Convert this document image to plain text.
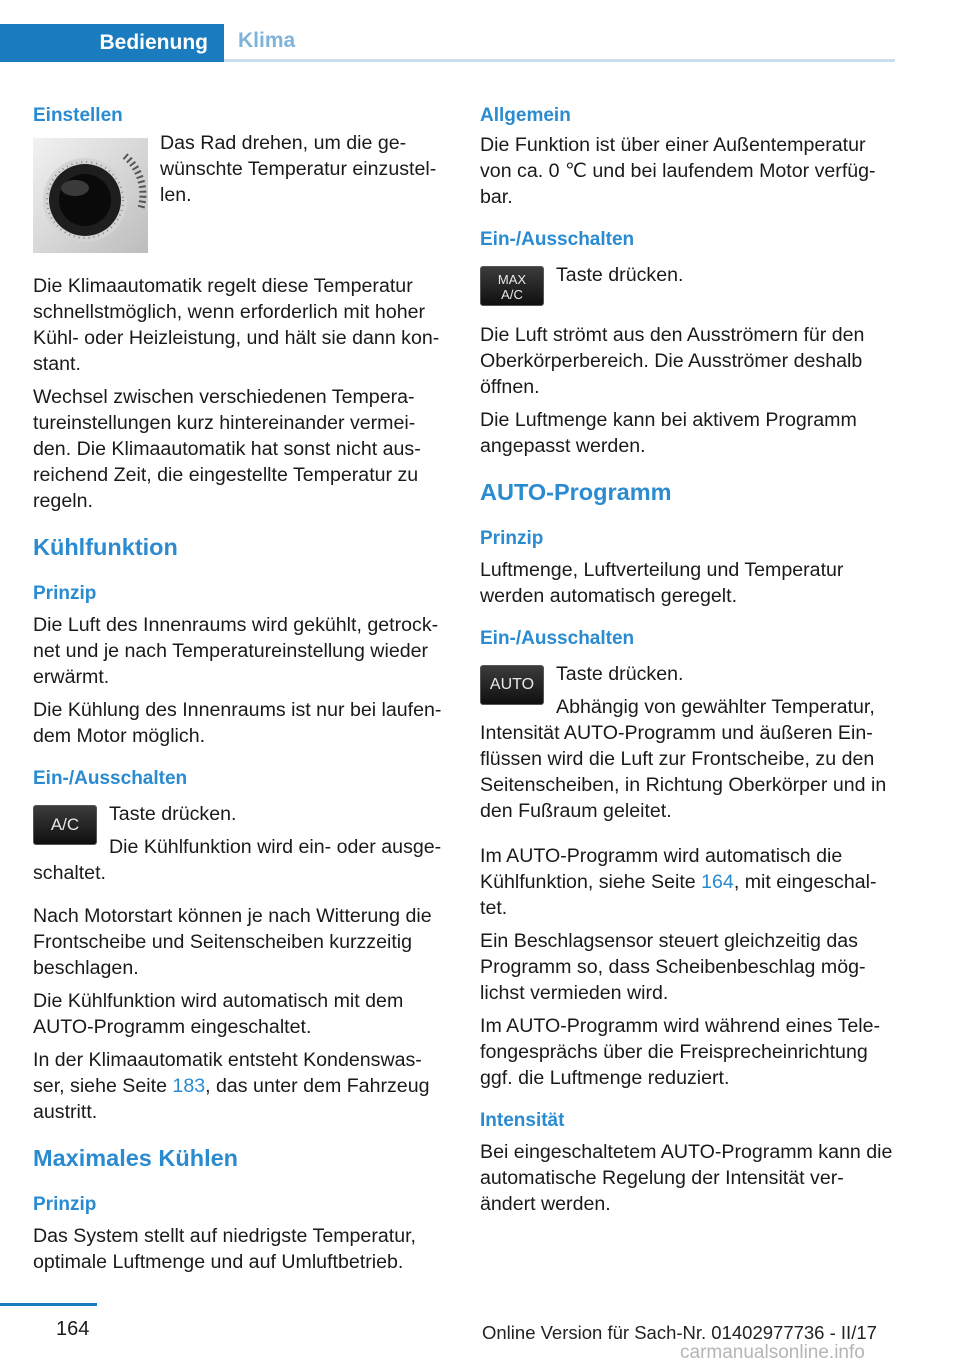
Bedienung	Klima
Einstellen

Das Rad drehen, um die ge‐ wünschte Temperatur einzustel‐ len.

Die Klimaautomatik regelt diese Temperatur schnellstmöglich, wenn erforderlich mit hoher Kühl- oder Heizleistung, und hält sie dann kon‐ stant.

Wechsel zwischen verschiedenen Tempera‐ tureinstellungen kurz hintereinander vermei‐ den. Die Klimaautomatik hat sonst nicht aus‐ reichend Zeit, die eingestellte Temperatur zu regeln.

Kühlfunktion
Prinzip

Die Luft des Innenraums wird gekühlt, getrock‐ net und je nach Temperatureinstellung wieder erwärmt.

Die Kühlung des Innenraums ist nur bei laufen‐ dem Motor möglich.

Ein-/Ausschalten
A/C	Taste drücken.

Die Kühlfunktion wird ein- oder ausge‐ schaltet.

Nach Motorstart können je nach Witterung die Frontscheibe und Seitenscheiben kurzzeitig beschlagen.

Die Kühlfunktion wird automatisch mit dem AUTO-Programm eingeschaltet.

In der Klimaautomatik entsteht Kondenswas‐ ser, siehe Seite 183, das unter dem Fahrzeug austritt.

Maximales Kühlen
Prinzip

Das System stellt auf niedrigste Temperatur, optimale Luftmenge und auf Umluftbetrieb.

Allgemein

Die Funktion ist über einer Außentemperatur von ca. 0 ℃ und bei laufendem Motor verfüg‐ bar.

Ein-/Ausschalten
MAX
A/C

Taste drücken.

Die Luft strömt aus den Ausströmern für den Oberkörperbereich. Die Ausströmer deshalb öffnen.

Die Luftmenge kann bei aktivem Programm angepasst werden.

AUTO-Programm
Prinzip

Luftmenge, Luftverteilung und Temperatur werden automatisch geregelt.

Ein-/Ausschalten
AUTO	Taste drücken.

Abhängig von gewählter Temperatur, Intensität AUTO-Programm und äußeren Ein‐ flüssen wird die Luft zur Frontscheibe, zu den Seitenscheiben, in Richtung Oberkörper und in den Fußraum geleitet.

Im AUTO-Programm wird automatisch die Kühlfunktion, siehe Seite 164, mit eingeschal‐ tet.

Ein Beschlagsensor steuert gleichzeitig das Programm so, dass Scheibenbeschlag mög‐ lichst vermieden wird.

Im AUTO-Programm wird während eines Tele‐ fongesprächs über die Freisprecheinrichtung ggf. die Luftmenge reduziert.

Intensität

Bei eingeschaltetem AUTO-Programm kann die automatische Regelung der Intensität ver‐ ändert werden.

164	Online Version für Sach-Nr. 01402977736 - II/17
carmanualsonline.info
